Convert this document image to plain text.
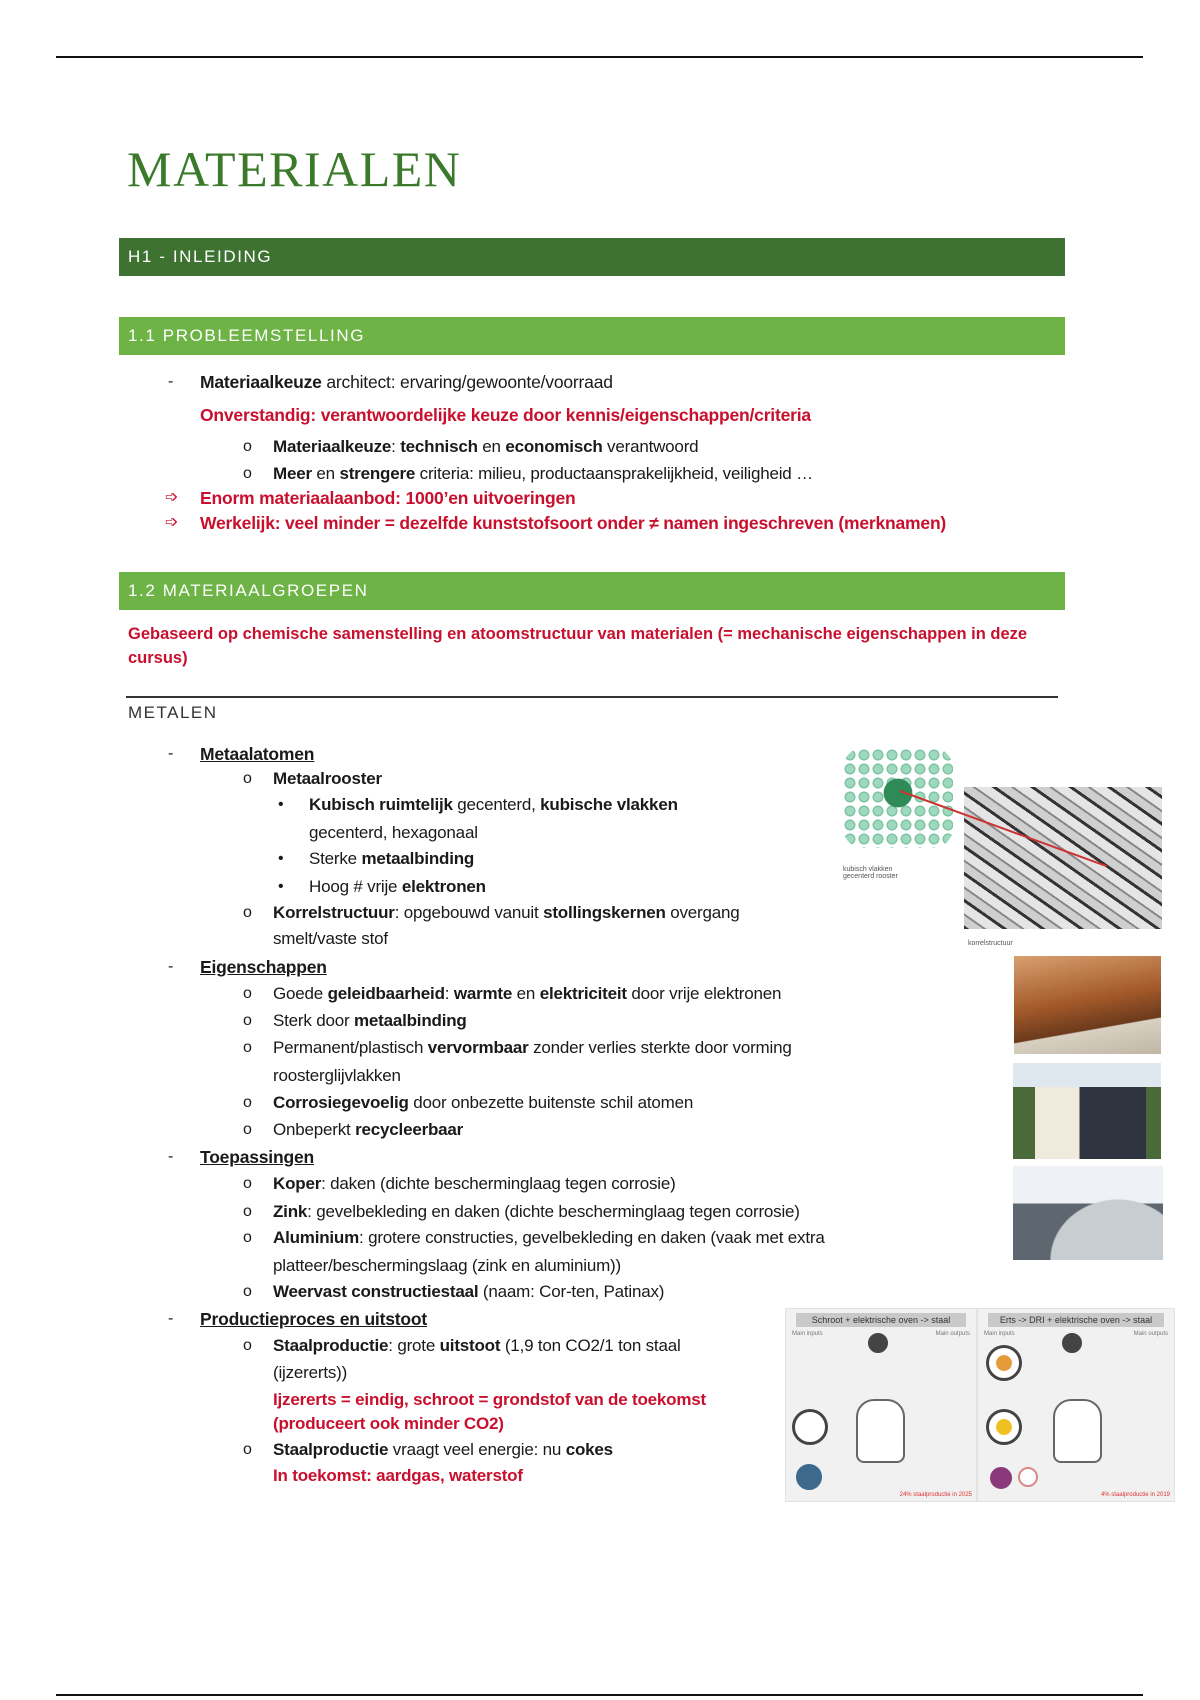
MATERIALEN
H1 - INLEIDING
1.1 PROBLEEMSTELLING
1.2 MATERIAALGROEPEN
Gebaseerd op chemische samenstelling en atoomstructuur van materialen (= mechanische eigenschappen in deze cursus)
METALEN
- Materiaalkeuze architect: ervaring/gewoonte/voorraad
Onverstandig: verantwoordelijke keuze door kennis/eigenschappen/criteria
o Materiaalkeuze: technisch en economisch verantwoord
o Meer en strengere criteria: milieu, productaansprakelijkheid, veiligheid …
➩ Enorm materiaalaanbod: 1000’en uitvoeringen
➩ Werkelijk: veel minder = dezelfde kunststofsoort onder ≠ namen ingeschreven (merknamen)
- Metaalatomen
o Metaalrooster
• Kubisch ruimtelijk gecenterd, kubische vlakken
gecenterd, hexagonaal
• Sterke metaalbinding
• Hoog # vrije elektronen
o Korrelstructuur: opgebouwd vanuit stollingskernen overgang
smelt/vaste stof
- Eigenschappen
o Goede geleidbaarheid: warmte en elektriciteit door vrije elektronen
o Sterk door metaalbinding
o Permanent/plastisch vervormbaar zonder verlies sterkte door vorming
roosterglijvlakken
o Corrosiegevoelig door onbezette buitenste schil atomen
o Onbeperkt recycleerbaar
- Toepassingen
o Koper: daken (dichte bescherminglaag tegen corrosie)
o Zink: gevelbekleding en daken (dichte bescherminglaag tegen corrosie)
o Aluminium: grotere constructies, gevelbekleding en daken (vaak met extra
platteer/beschermingslaag (zink en aluminium))
o Weervast constructiestaal (naam: Cor-ten, Patinax)
- Productieproces en uitstoot
o Staalproductie: grote uitstoot (1,9 ton CO2/1 ton staal
(ijzererts))
Ijzererts = eindig, schroot = grondstof van de toekomst
(produceert ook minder CO2)
o Staalproductie vraagt veel energie: nu cokes
In toekomst: aardgas, waterstof
kubisch vlakken gecenterd rooster
korrelstructuur
Schroot + elektrische oven -> staal
Main inputs	Main outputs
24% staalproductie in 2025
Erts -> DRI + elektrische oven -> staal
Main inputs	Main outputs
4% staalproductie in 2019
